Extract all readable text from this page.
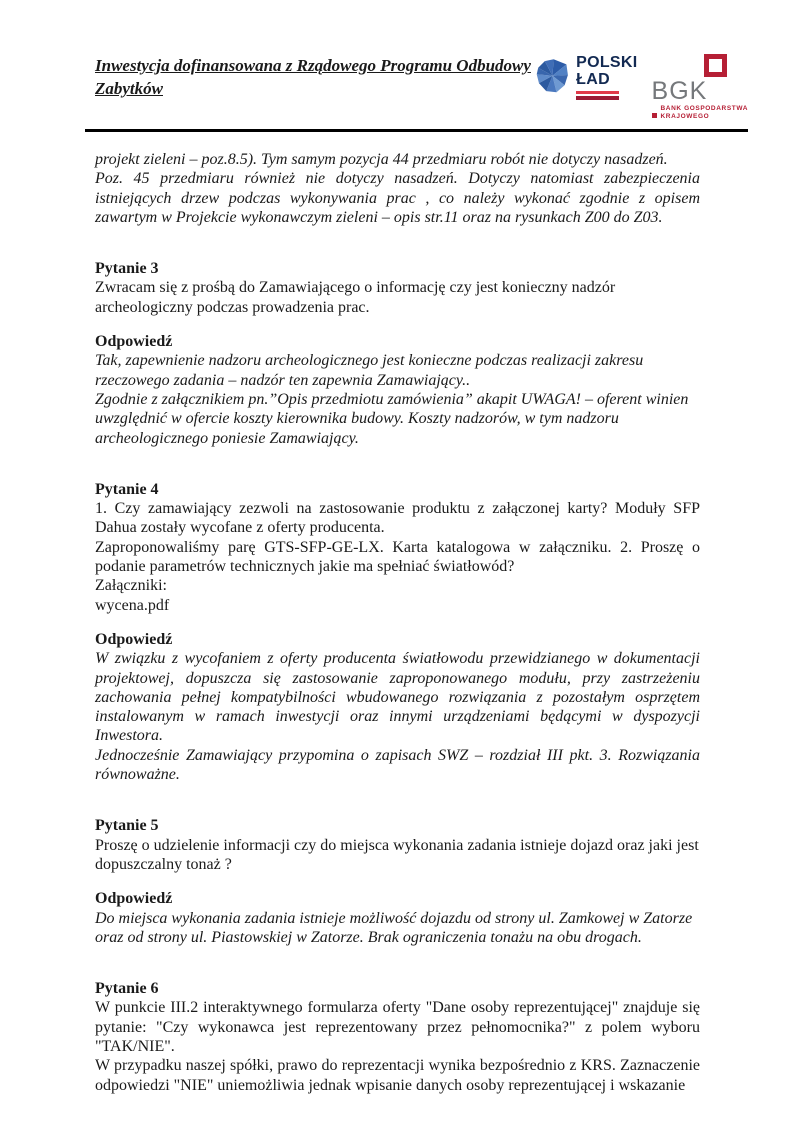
Inwestycja dofinansowana z Rządowego Programu Odbudowy
Zabytków
POLSKI
ŁAD	BGK
BANK GOSPODARSTWA
KRAJOWEGO

projekt zieleni – poz.8.5). Tym samym pozycja 44 przedmiaru robót nie dotyczy nasadzeń.

Poz. 45 przedmiaru również nie dotyczy nasadzeń. Dotyczy natomiast zabezpieczenia istniejących drzew podczas wykonywania prac , co należy wykonać zgodnie z opisem zawartym w Projekcie wykonawczym zieleni – opis str.11 oraz na rysunkach Z00 do Z03.

Pytanie 3

Zwracam się z prośbą do Zamawiającego o informację czy jest konieczny nadzór archeologiczny podczas prowadzenia prac.

Odpowiedź

Tak, zapewnienie nadzoru archeologicznego jest konieczne podczas realizacji zakresu rzeczowego zadania – nadzór ten zapewnia Zamawiający..

Zgodnie z załącznikiem pn.”Opis przedmiotu zamówienia” akapit UWAGA! – oferent winien uwzględnić w ofercie koszty kierownika budowy. Koszty nadzorów, w tym nadzoru archeologicznego poniesie Zamawiający.

Pytanie 4

1. Czy zamawiający zezwoli na zastosowanie produktu z załączonej karty? Moduły SFP Dahua zostały wycofane z oferty producenta.

Zaproponowaliśmy parę GTS-SFP-GE-LX. Karta katalogowa w załączniku. 2. Proszę o podanie parametrów technicznych jakie ma spełniać światłowód?

Załączniki:

wycena.pdf

Odpowiedź

W związku z wycofaniem z oferty producenta światłowodu przewidzianego w dokumentacji projektowej, dopuszcza się zastosowanie zaproponowanego modułu, przy zastrzeżeniu zachowania pełnej kompatybilności wbudowanego rozwiązania z pozostałym osprzętem instalowanym w ramach inwestycji oraz innymi urządzeniami będącymi w dyspozycji Inwestora.

Jednocześnie Zamawiający przypomina o zapisach SWZ – rozdział III pkt. 3. Rozwiązania równoważne.

Pytanie 5

Proszę o udzielenie informacji czy do miejsca wykonania zadania istnieje dojazd oraz jaki jest dopuszczalny tonaż ?

Odpowiedź

Do miejsca wykonania zadania istnieje możliwość dojazdu od strony ul. Zamkowej w Zatorze oraz od strony ul. Piastowskiej w Zatorze. Brak ograniczenia tonażu na obu drogach.

Pytanie 6

W punkcie III.2 interaktywnego formularza oferty "Dane osoby reprezentującej" znajduje się pytanie: "Czy wykonawca jest reprezentowany przez pełnomocnika?" z polem wyboru "TAK/NIE".

W przypadku naszej spółki, prawo do reprezentacji wynika bezpośrednio z KRS. Zaznaczenie odpowiedzi "NIE" uniemożliwia jednak wpisanie danych osoby reprezentującej i wskazanie
